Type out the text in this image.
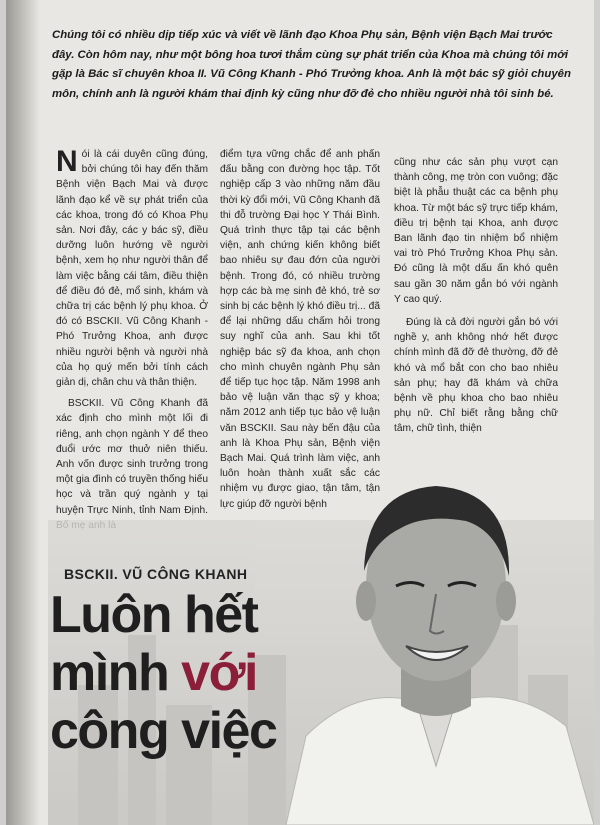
Chúng tôi có nhiều dịp tiếp xúc và viết về lãnh đạo Khoa Phụ sản, Bệnh viện Bạch Mai trước đây. Còn hôm nay, như một bông hoa tươi thắm cùng sự phát triển của Khoa mà chúng tôi mới gặp là Bác sĩ chuyên khoa II. Vũ Công Khanh - Phó Trưởng khoa. Anh là một bác sỹ giỏi chuyên môn, chính anh là người khám thai định kỳ cũng như đỡ đẻ cho nhiều người nhà tôi sinh bé.

Nói là cái duyên cũng đúng, bởi chúng tôi hay đến thăm Bệnh viện Bạch Mai và được lãnh đạo kể về sự phát triển của các khoa, trong đó có Khoa Phụ sản. Nơi đây, các y bác sỹ, điều dưỡng luôn hướng về người bệnh, xem họ như người thân để làm việc bằng cái tâm, điều thiện để điều đó đẻ, mổ sinh, khám và chữa trị các bệnh lý phụ khoa. Ở đó có BSCKII. Vũ Công Khanh - Phó Trưởng Khoa, anh được nhiều người bệnh và người nhà của họ quý mến bởi tính cách giản dị, chân chu và thân thiện.

BSCKII. Vũ Công Khanh đã xác định cho mình một lối đi riêng, anh chọn ngành Y để theo đuổi ước mơ thuở niên thiếu. Anh vốn được sinh trưởng trong một gia đình có truyền thống hiếu học và trần quý ngành y tại huyện Trực Ninh, tỉnh Nam Định.

điểm tựa vững chắc để anh phấn đấu bằng con đường học tập. Tốt nghiệp cấp 3 vào những năm đầu thời kỳ đổi mới, Vũ Công Khanh đã thi đỗ trường Đại học Y Thái Bình. Quá trình thực tập tại các bệnh viện, anh chứng kiến không biết bao nhiêu sự đau đớn của người bệnh. Trong đó, có nhiều trường hợp các bà mẹ sinh đẻ khó, trẻ sơ sinh bị các bệnh lý khó điều trị... đã để lại những dấu chấm hỏi trong suy nghĩ của anh. Sau khi tốt nghiệp bác sỹ đa khoa, anh chọn cho mình chuyên ngành Phụ sản để tiếp tục học tập. Năm 1998 anh bảo vệ luận văn thạc sỹ y khoa; năm 2012 anh tiếp tục bảo vệ luận văn BSCKII. Sau này bến đậu của anh là Khoa Phụ sản, Bệnh viện Bạch Mai. Quá trình làm việc, anh luôn hoàn thành xuất sắc các nhiệm vụ được giao, tận tâm, tận lực giúp đỡ người bệnh

cũng như các sản phụ vượt cạn thành công, mẹ tròn con vuông; đặc biệt là phẫu thuật các ca bệnh phụ khoa. Từ một bác sỹ trực tiếp khám, điều trị bệnh tại Khoa, anh được Ban lãnh đạo tin nhiệm bổ nhiệm vai trò Phó Trưởng Khoa Phụ sản. Đó cũng là một dấu ấn khó quên sau gần 30 năm gắn bó với ngành Y cao quý.

Đúng là cả đời người gắn bó với nghề y, anh không nhớ hết được chính mình đã đỡ đẻ thường, đỡ đẻ khó và mổ bắt con cho bao nhiêu sản phụ; hay đã khám và chữa bệnh về phụ khoa cho bao nhiêu phụ nữ. Chỉ biết rằng bằng chữ tâm, chữ tình, thiện

BSCKII. VŨ CÔNG KHANH
Luôn hết
mình với
công việc
